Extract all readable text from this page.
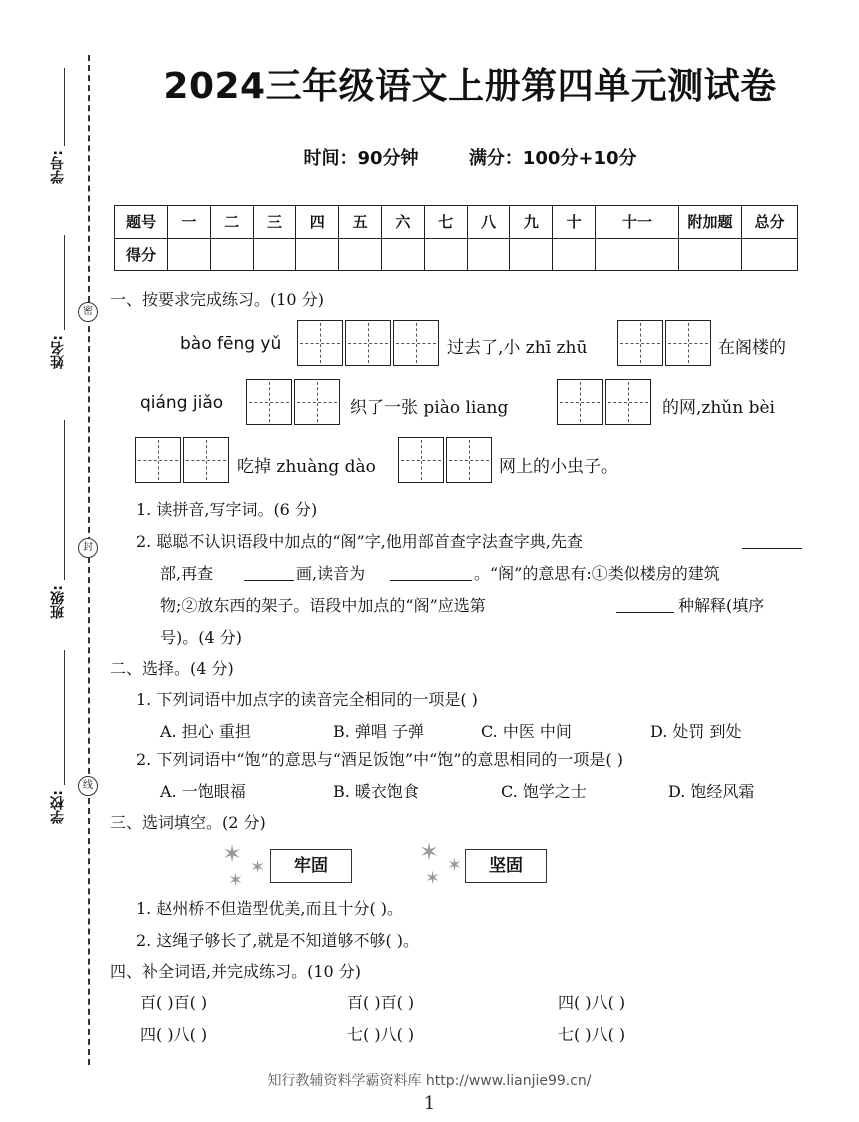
学号:
姓名:
班级:
学校:
密
封
线
2024三年级语文上册第四单元测试卷
时间：90分钟	满分：100分+10分
题号	一	二	三	四	五	六	七	八	九	十	十一	附加题	总分
得分													
一、按要求完成练习。(10 分)
bào fēng yǔ	过去了,小 zhī zhū	在阁楼的
qiáng jiǎo	织了一张 piào liang	的网,zhǔn bèi
吃掉 zhuàng dào	网上的小虫子。
1. 读拼音,写字词。(6 分)
2. 聪聪不认识语段中加点的“阁”字,他用部首查字法查字典,先查
部,再查	画,读音为	。“阁”的意思有:①类似楼房的建筑
物;②放东西的架子。语段中加点的“阁”应选第	种解释(填序
号)。(4 分)
二、选择。(4 分)
1. 下列词语中加点字的读音完全相同的一项是( )
A. 担心 重担	B. 弹唱 子弹	C. 中医 中间	D. 处罚 到处
2. 下列词语中“饱”的意思与“酒足饭饱”中“饱”的意思相同的一项是( )
A. 一饱眼福	B. 暖衣饱食	C. 饱学之士	D. 饱经风霜
三、选词填空。(2 分)
✶ ✶
✶
牢固	✶ ✶
✶
坚固
1. 赵州桥不但造型优美,而且十分( )。
2. 这绳子够长了,就是不知道够不够( )。
四、补全词语,并完成练习。(10 分)
百( )百( )	百( )百( )	四( )八( )
四( )八( )	七( )八( )	七( )八( )
知行教辅资料学霸资料库 http://www.lianjie99.cn/
1
